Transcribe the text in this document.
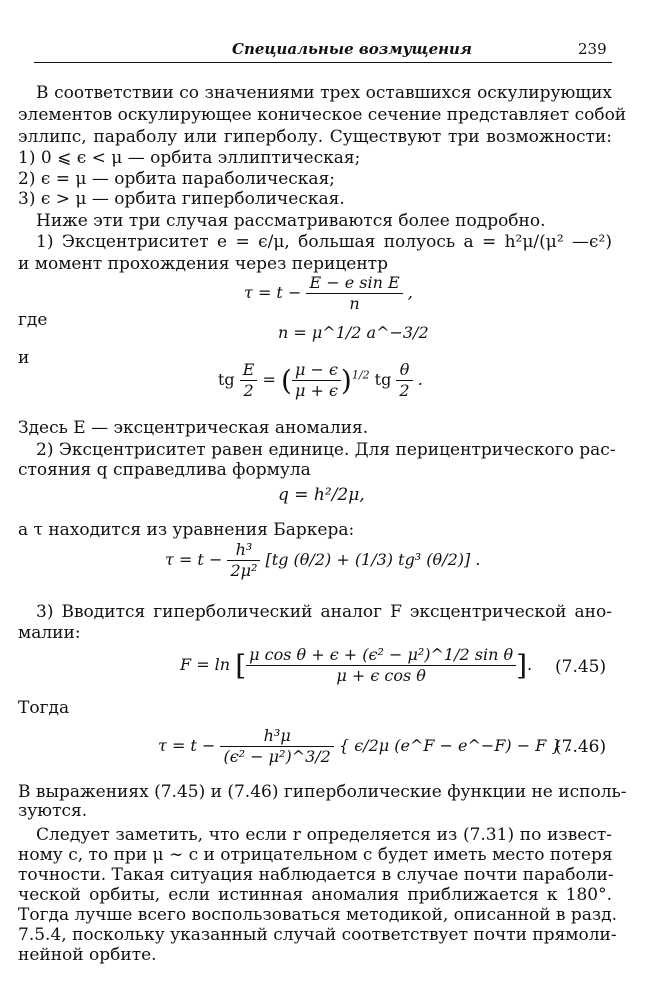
Специальные возмущения	239
В соответствии со значениями трех оставшихся оскулирующих
элементов оскулирующее коническое сечение представляет собой
эллипс, параболу или гиперболу. Существуют три возможности:
1) 0 ⩽ ϵ < μ — орбита эллиптическая;
2) ϵ = μ — орбита параболическая;
3) ϵ > μ — орбита гиперболическая.
Ниже эти три случая рассматриваются более подробно.
1) Эксцентриситет e = ϵ/μ, большая полуось a = h²μ/(μ² —ϵ²)
и момент прохождения через перицентр
$\tau = t - \frac{\text{E − e sin E}}{n}$ ,
где
n = μ^1/2 a^−3/2
и
tg $\frac{E}{2}$ = ( $\frac{\mu - \epsilon}{\mu + \epsilon} )^{1/2}$ tg $\frac{\theta}{2}$ .
Здесь E — эксцентрическая аномалия.
2) Эксцентриситет равен единице. Для перицентрического рас-
стояния q справедлива формула
q = h²/2μ,
а τ находится из уравнения Баркера:
$\tau = t - \frac{\text{h³}}{\text{2μ²}} [tg$ (θ/2) + (1/3) tg³ (θ/2)] .
3) Вводится гиперболический аналог F эксцентрической ано-
малии:
F = ln [ $\frac{\text{μ cos θ + ϵ + (ϵ² − μ²)\textasciicircum{}1/2 sin θ}}{\text{μ + ϵ cos θ}}$ ]. (7.45)
Тогда
$\tau = t - \frac{\text{h³μ}}{\text{(ϵ² − μ²)\textasciicircum{}3/2}}$ { ϵ/2μ (e^F − e^−F) − F } .
(7.46)
В выражениях (7.45) и (7.46) гиперболические функции не исполь-
зуются.
Следует заметить, что если r определяется из (7.31) по извест-
ному c, то при μ ∼ c и отрицательном c будет иметь место потеря
точности. Такая ситуация наблюдается в случае почти параболи-
ческой орбиты, если истинная аномалия приближается к 180°.
Тогда лучше всего воспользоваться методикой, описанной в разд.
7.5.4, поскольку указанный случай соответствует почти прямоли-
нейной орбите.
